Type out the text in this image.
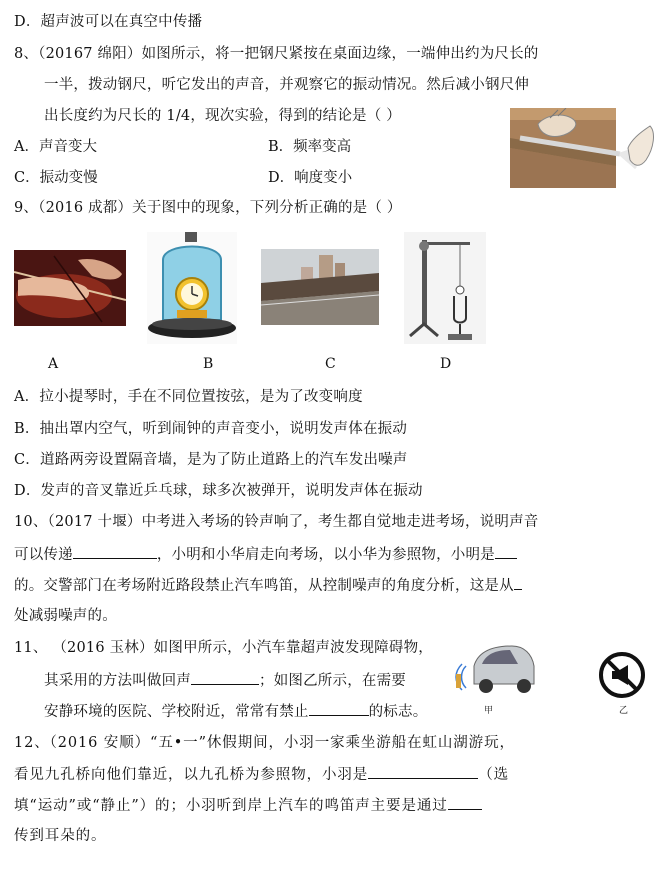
D．超声波可以在真空中传播
8、（20167 绵阳）如图所示，将一把钢尺紧按在桌面边缘，一端伸出约为尺长的
一半，拨动钢尺，听它发出的声音，并观察它的振动情况。然后减小钢尺伸
出长度约为尺长的 1/4，现次实验，得到的结论是（ ）
A．声音变大	B．频率变高
C．振动变慢	D．响度变小
9、（2016 成都）关于图中的现象，下列分析正确的是（ ）
A	B	C	D
A．拉小提琴时，手在不同位置按弦，是为了改变响度
B．抽出罩内空气，听到闹钟的声音变小，说明发声体在振动
C．道路两旁设置隔音墙，是为了防止道路上的汽车发出噪声
D．发声的音叉靠近乒乓球，球多次被弹开，说明发声体在振动
10、（2017 十堰）中考进入考场的铃声响了，考生都自觉地走进考场，说明声音
可以传递	，小明和小华肩走向考场，以小华为参照物，小明是
的。交警部门在考场附近路段禁止汽车鸣笛，从控制噪声的角度分析，这是从
处减弱噪声的。
11、 （2016 玉林）如图甲所示，小汽车靠超声波发现障碍物，
其采用的方法叫做回声	；如图乙所示，在需要
安静环境的医院、学校附近，常常有禁止	的标志。	甲	乙
12、（2016 安顺）“五•一”休假期间，小羽一家乘坐游船在虹山湖游玩，
看见九孔桥向他们靠近，以九孔桥为参照物，小羽是	（选
填“运动”或“静止”）的；小羽听到岸上汽车的鸣笛声主要是通过
传到耳朵的。
